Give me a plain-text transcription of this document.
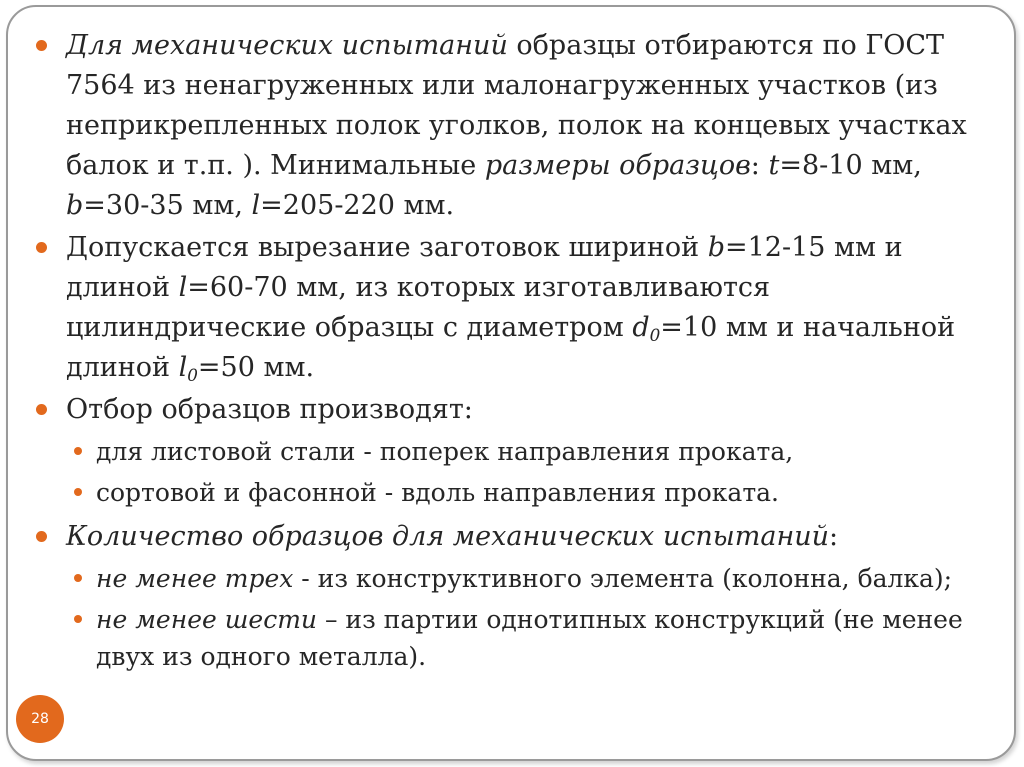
Для механических испытаний образцы отбираются по ГОСТ 7564 из ненагруженных или малонагруженных участков (из неприкрепленных полок уголков, полок на концевых участках балок и т.п. ). Минимальные размеры образцов: t=8-10 мм, b=30-35 мм, l=205-220 мм.
Допускается вырезание заготовок шириной b=12-15 мм и длиной l=60-70 мм, из которых изготавливаются цилиндрические образцы с диаметром $d_0=10$ мм и начальной длиной $l_0=50$ мм.
Отбор образцов производят:
для листовой стали - поперек направления проката,
сортовой и фасонной - вдоль направления проката.
Количество образцов для механических испытаний:
не менее трех - из конструктивного элемента (колонна, балка);
не менее шести – из партии однотипных конструкций (не менее двух из одного металла).
28
